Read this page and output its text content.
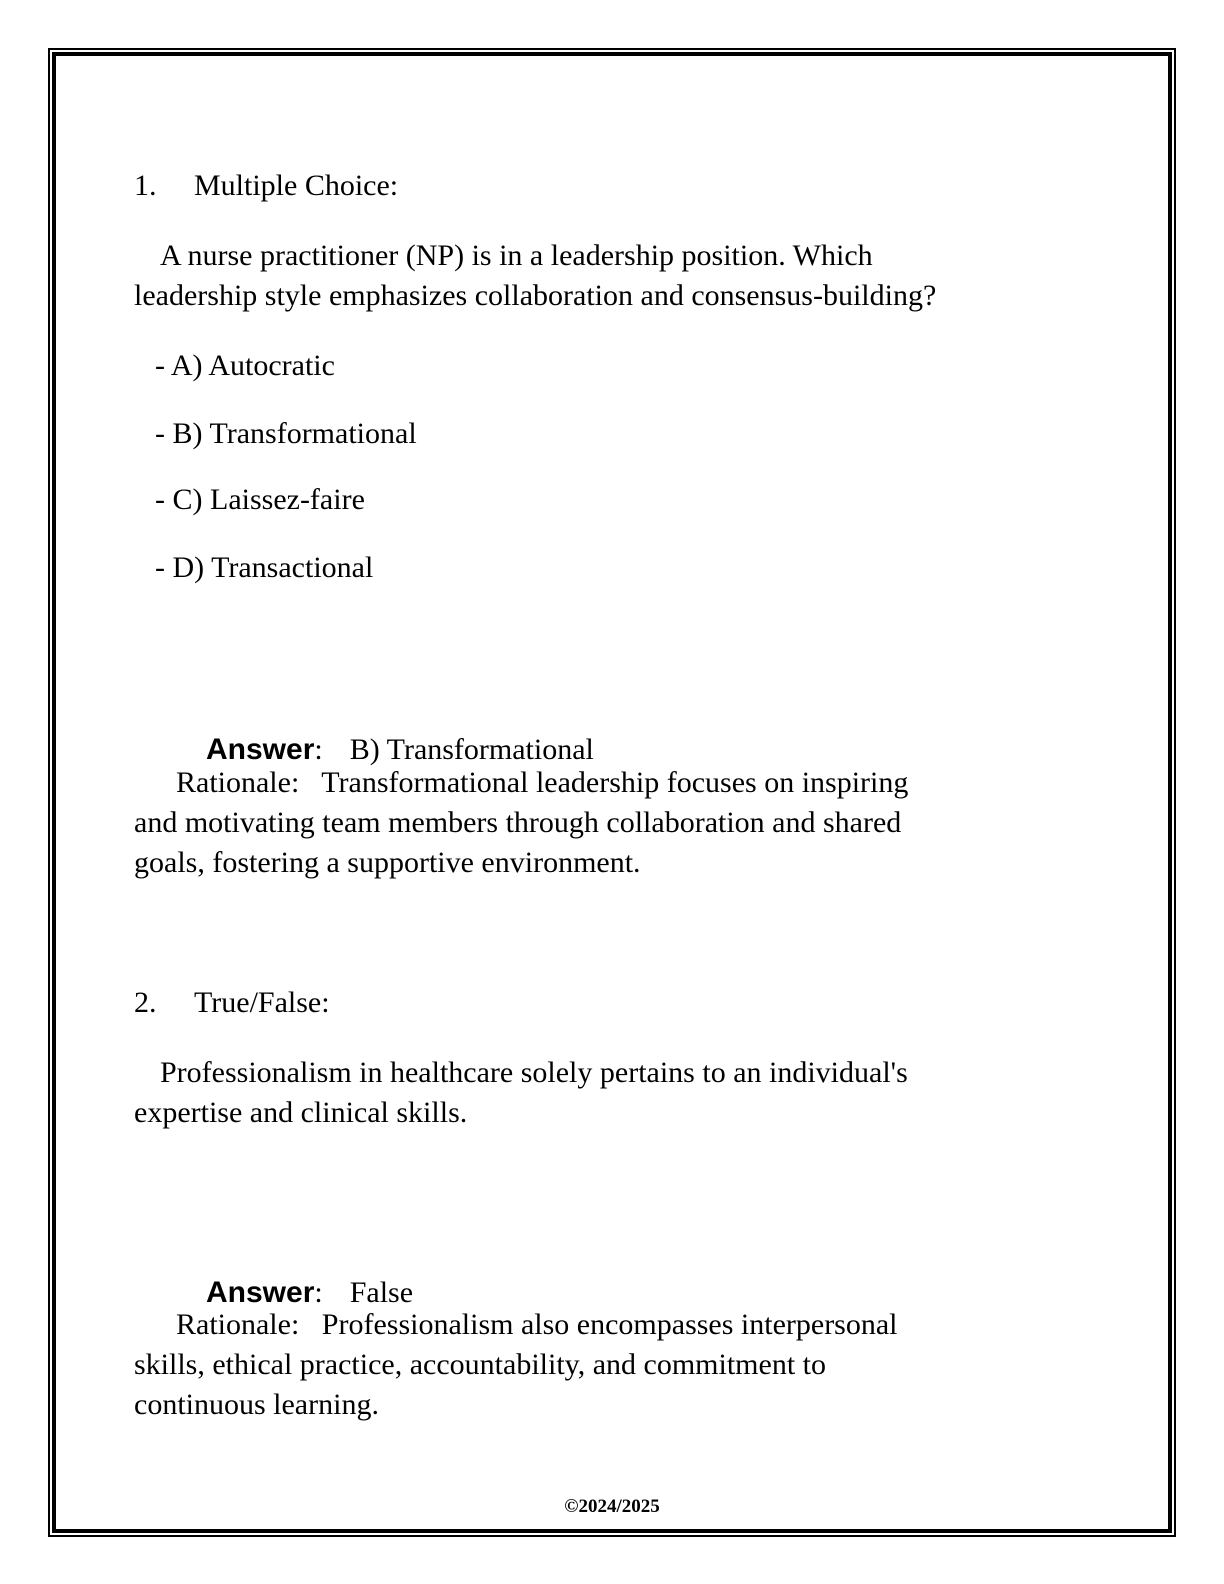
1. Multiple Choice:
A nurse practitioner (NP) is in a leadership position. Which
leadership style emphasizes collaboration and consensus-building?
- A) Autocratic
- B) Transformational
- C) Laissez-faire
- D) Transactional

Answer: B) Transformational

Rationale:   Transformational leadership focuses on inspiring
and motivating team members through collaboration and shared
goals, fostering a supportive environment.
2. True/False:
Professionalism in healthcare solely pertains to an individual's
expertise and clinical skills.

Answer: False

Rationale:   Professionalism also encompasses interpersonal
skills, ethical practice, accountability, and commitment to
continuous learning.
©2024/2025
